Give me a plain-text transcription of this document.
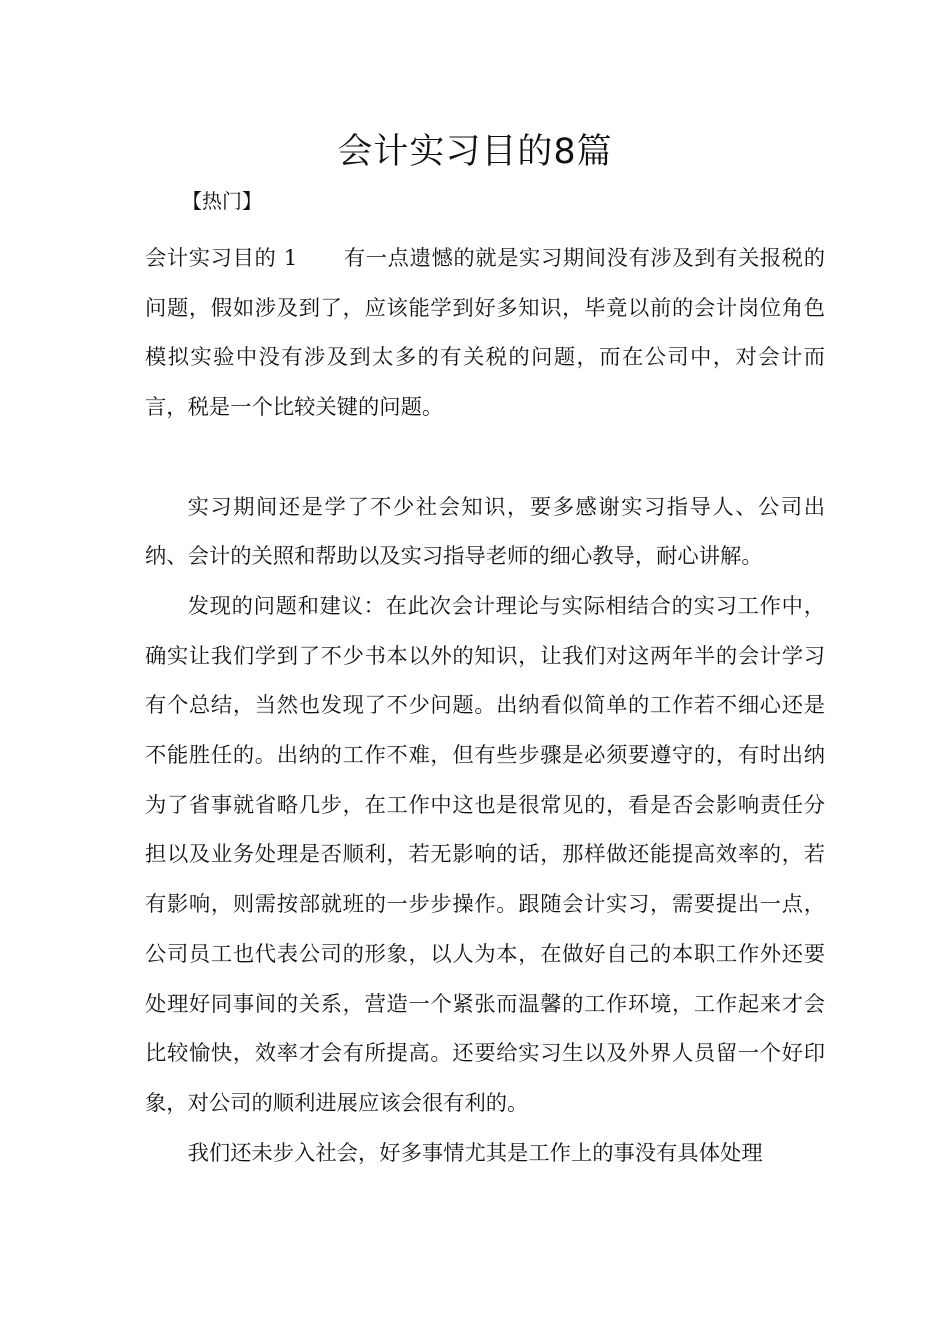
会计实习目的8篇
【热门】

会计实习目的 1 有一点遗憾的就是实习期间没有涉及到有关报税的问题，假如涉及到了，应该能学到好多知识，毕竟以前的会计岗位角色模拟实验中没有涉及到太多的有关税的问题，而在公司中，对会计而言，税是一个比较关键的问题。

实习期间还是学了不少社会知识，要多感谢实习指导人、公司出纳、会计的关照和帮助以及实习指导老师的细心教导，耐心讲解。

发现的问题和建议：在此次会计理论与实际相结合的实习工作中，确实让我们学到了不少书本以外的知识，让我们对这两年半的会计学习有个总结，当然也发现了不少问题。出纳看似简单的工作若不细心还是不能胜任的。出纳的工作不难，但有些步骤是必须要遵守的，有时出纳为了省事就省略几步，在工作中这也是很常见的，看是否会影响责任分担以及业务处理是否顺利，若无影响的话，那样做还能提高效率的，若有影响，则需按部就班的一步步操作。跟随会计实习，需要提出一点，公司员工也代表公司的形象，以人为本，在做好自己的本职工作外还要处理好同事间的关系，营造一个紧张而温馨的工作环境，工作起来才会比较愉快，效率才会有所提高。还要给实习生以及外界人员留一个好印象，对公司的顺利进展应该会很有利的。

我们还未步入社会，好多事情尤其是工作上的事没有具体处理
